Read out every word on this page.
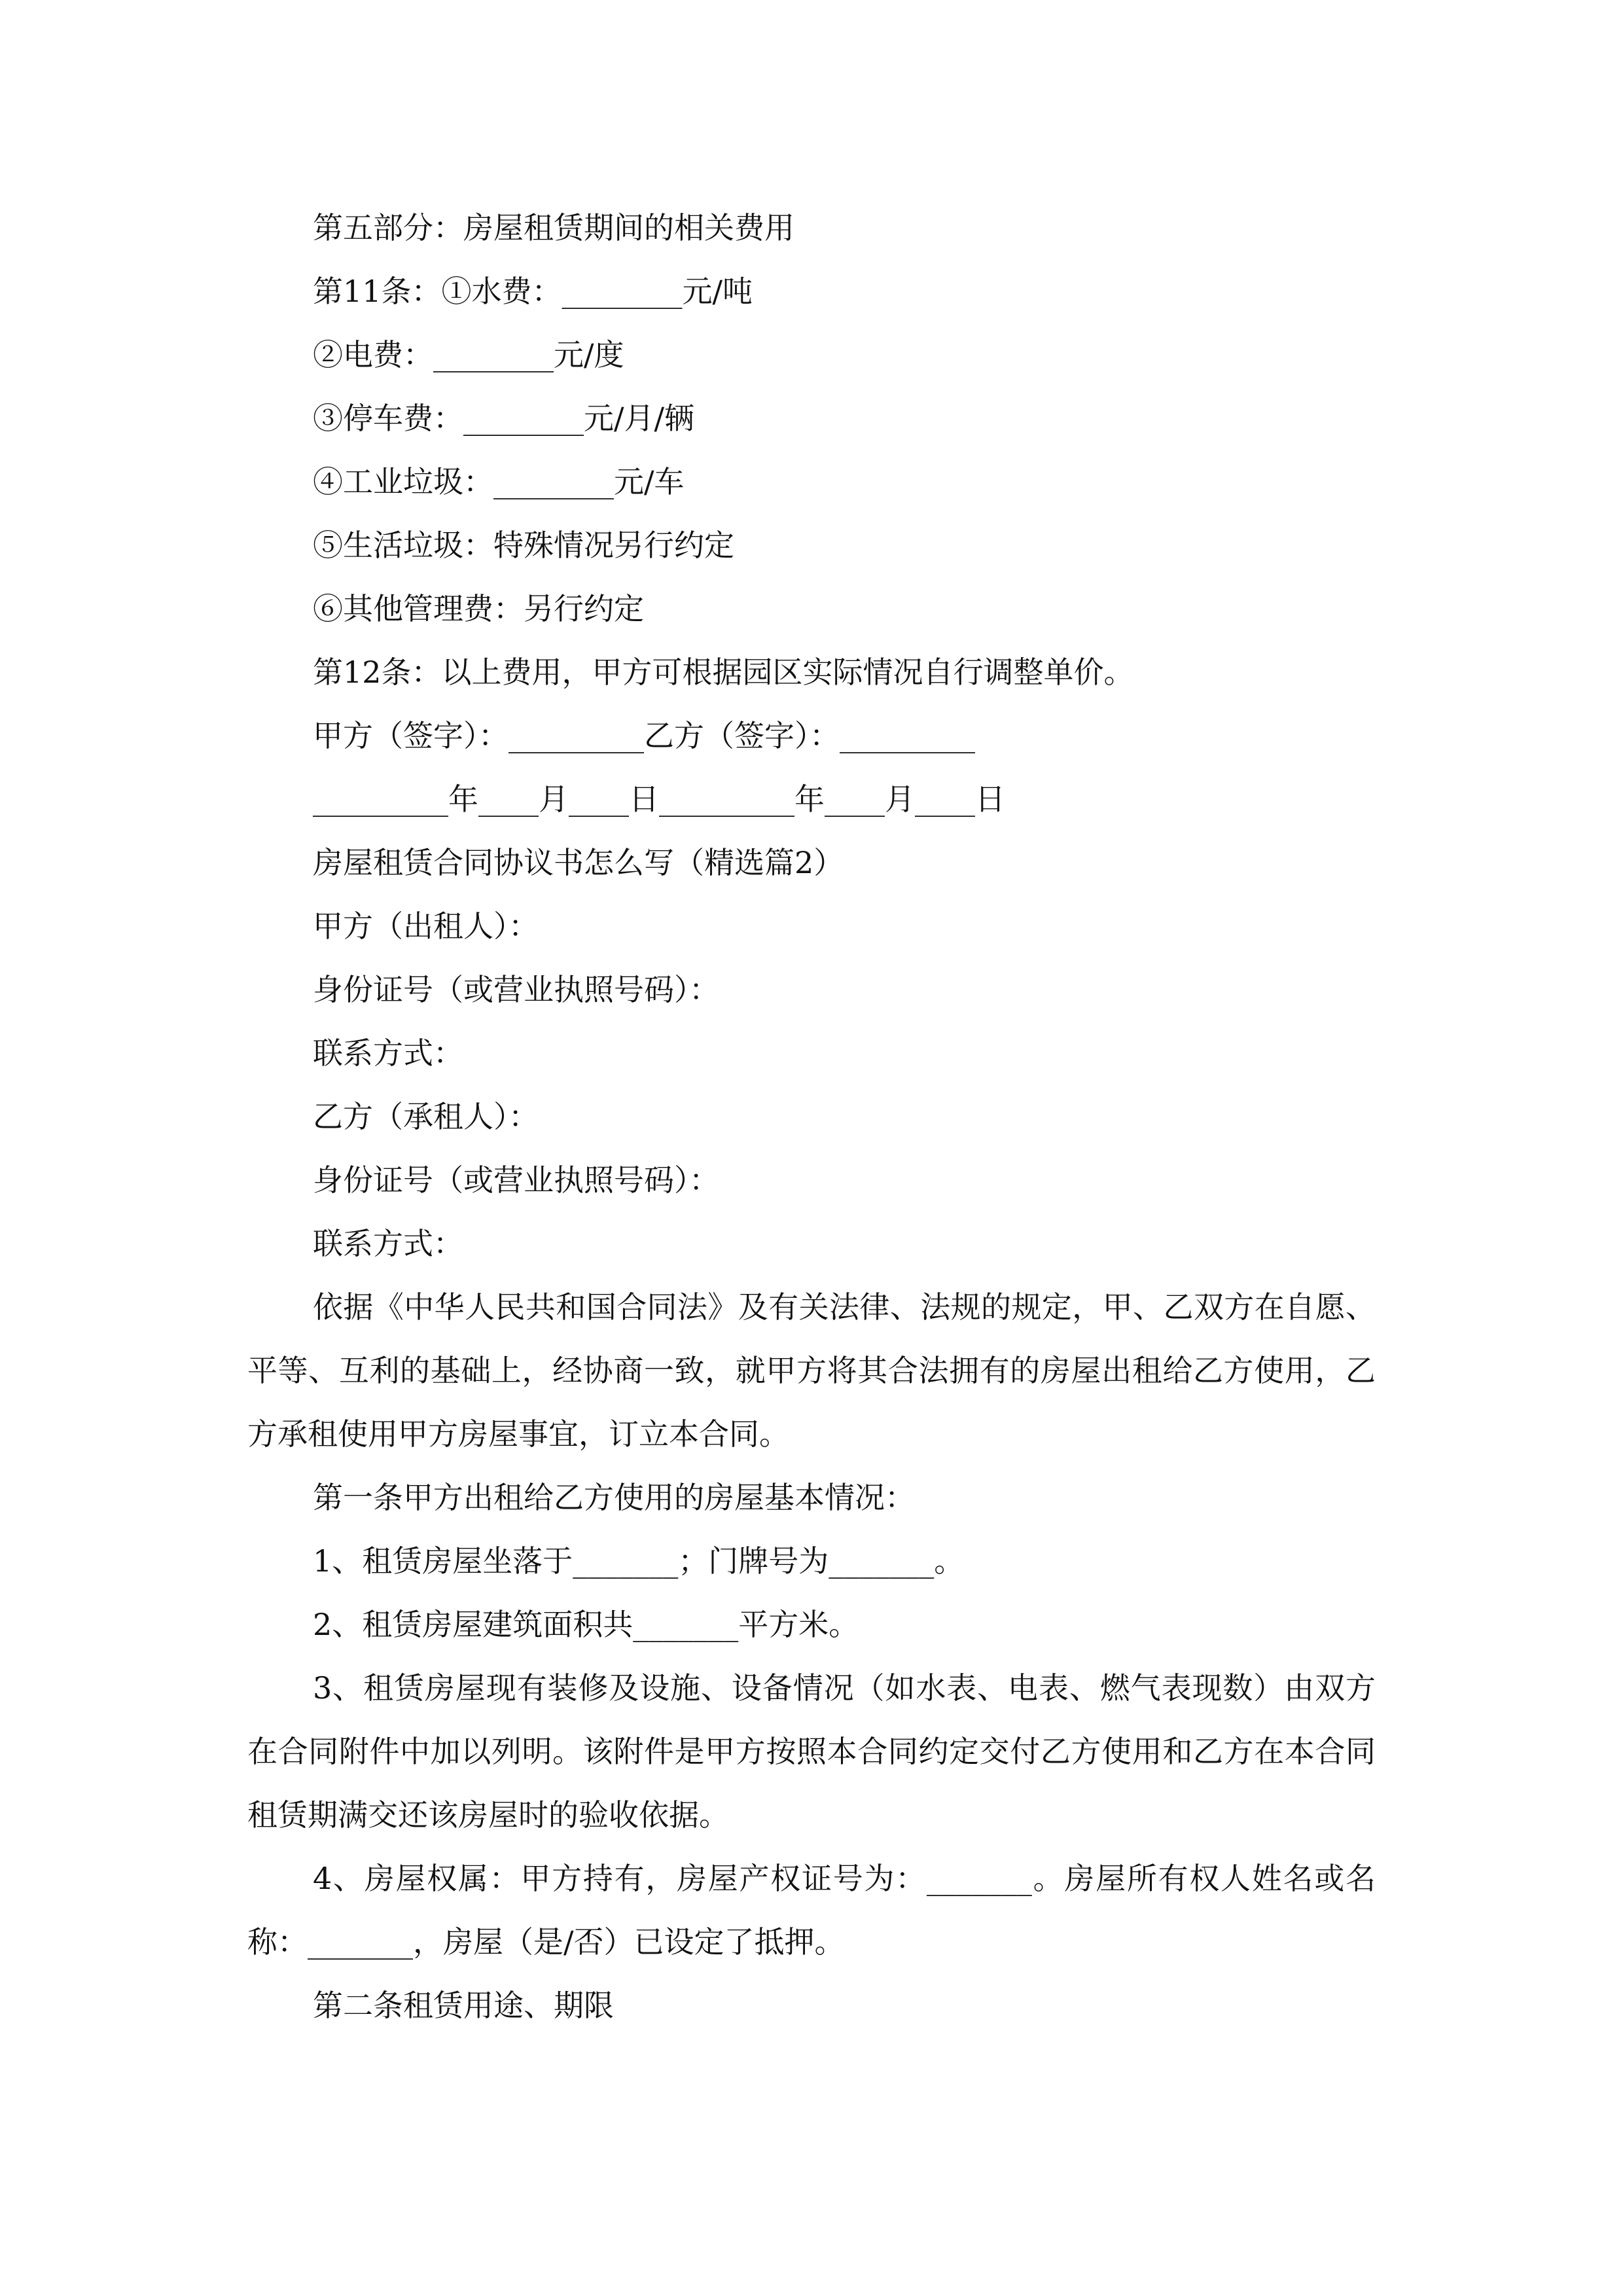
第五部分：房屋租赁期间的相关费用

第11条：①水费：________元/吨

②电费：________元/度

③停车费：________元/月/辆

④工业垃圾：________元/车

⑤生活垃圾：特殊情况另行约定

⑥其他管理费：另行约定

第12条：以上费用，甲方可根据园区实际情况自行调整单价。

甲方（签字）：_________乙方（签字）：_________

_________年____月____日_________年____月____日

房屋租赁合同协议书怎么写（精选篇2）

甲方（出租人）：

身份证号（或营业执照号码）：

联系方式：

乙方（承租人）：

身份证号（或营业执照号码）：

联系方式：

依据《中华人民共和国合同法》及有关法律、法规的规定，甲、乙双方在自愿、平等、互利的基础上，经协商一致，就甲方将其合法拥有的房屋出租给乙方使用，乙方承租使用甲方房屋事宜，订立本合同。

第一条甲方出租给乙方使用的房屋基本情况：

1、租赁房屋坐落于_______；门牌号为_______。

2、租赁房屋建筑面积共_______平方米。

3、租赁房屋现有装修及设施、设备情况（如水表、电表、燃气表现数）由双方在合同附件中加以列明。该附件是甲方按照本合同约定交付乙方使用和乙方在本合同租赁期满交还该房屋时的验收依据。

4、房屋权属：甲方持有，房屋产权证号为：_______。房屋所有权人姓名或名称：_______，房屋（是/否）已设定了抵押。

第二条租赁用途、期限
